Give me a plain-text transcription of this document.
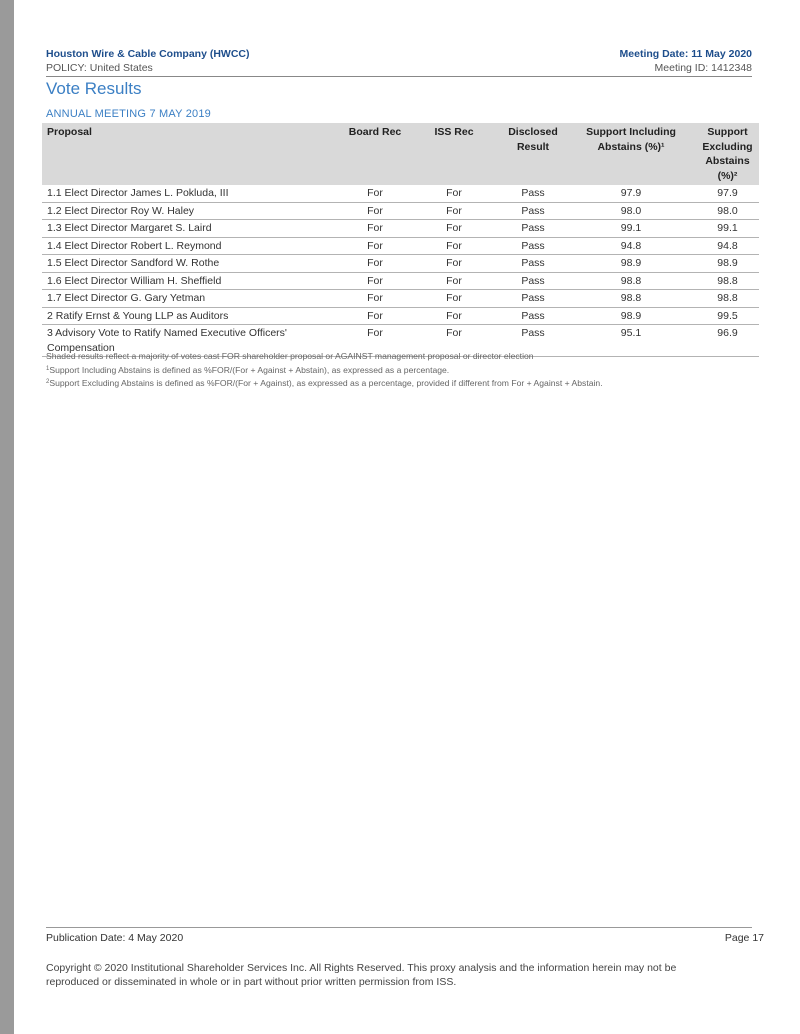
Houston Wire & Cable Company (HWCC)	Meeting Date: 11 May 2020
POLICY: United States	Meeting ID: 1412348
Vote Results
ANNUAL MEETING 7 MAY 2019
Proposal	Board Rec	ISS Rec	Disclosed Result	Support Including Abstains (%)¹	Support Excluding Abstains (%)²
1.1 Elect Director James L. Pokluda, III	For	For	Pass	97.9	97.9
1.2 Elect Director Roy W. Haley	For	For	Pass	98.0	98.0
1.3 Elect Director Margaret S. Laird	For	For	Pass	99.1	99.1
1.4 Elect Director Robert L. Reymond	For	For	Pass	94.8	94.8
1.5 Elect Director Sandford W. Rothe	For	For	Pass	98.9	98.9
1.6 Elect Director William H. Sheffield	For	For	Pass	98.8	98.8
1.7 Elect Director G. Gary Yetman	For	For	Pass	98.8	98.8
2 Ratify Ernst & Young LLP as Auditors	For	For	Pass	98.9	99.5
3 Advisory Vote to Ratify Named Executive Officers' Compensation	For	For	Pass	95.1	96.9
Shaded results reflect a majority of votes cast FOR shareholder proposal or AGAINST management proposal or director election
$^1$Support Including Abstains is defined as %FOR/(For + Against + Abstain), as expressed as a percentage.
$^2$Support Excluding Abstains is defined as %FOR/(For + Against), as expressed as a percentage, provided if different from For + Against + Abstain.
Publication Date: 4 May 2020	Page 17
Copyright © 2020 Institutional Shareholder Services Inc. All Rights Reserved. This proxy analysis and the information herein may not be reproduced or disseminated in whole or in part without prior written permission from ISS.
